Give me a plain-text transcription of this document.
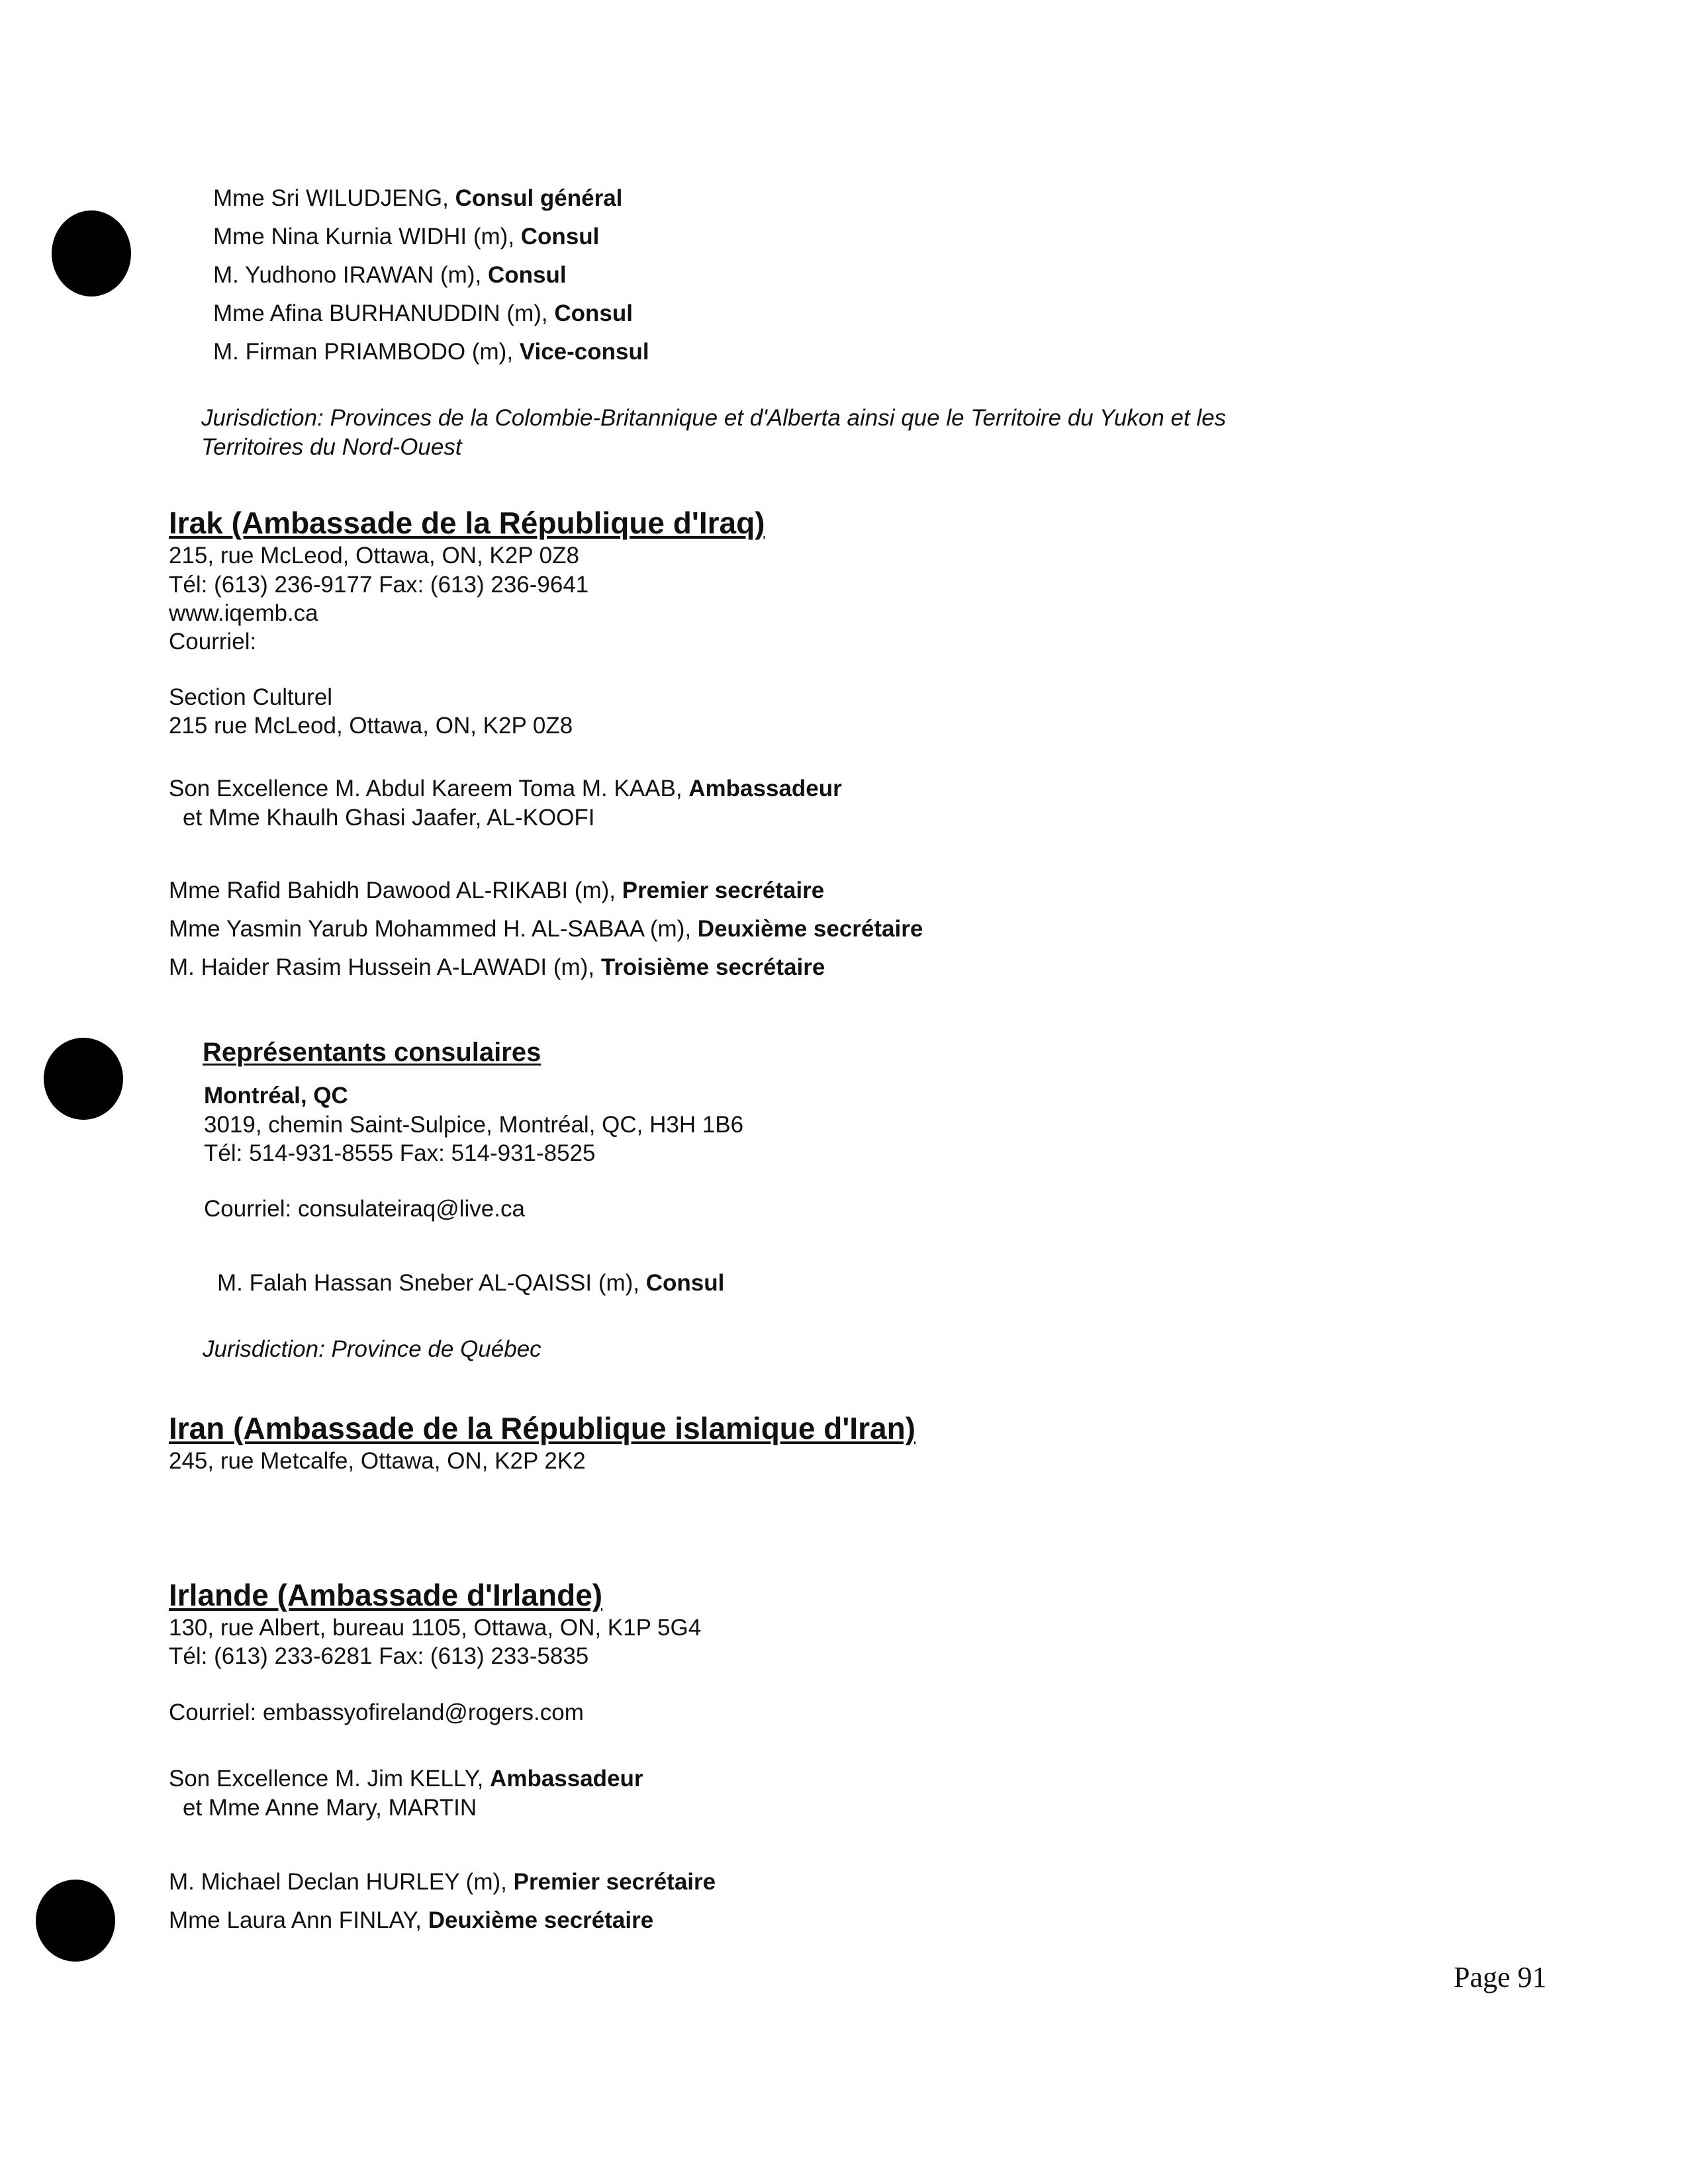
Mme Sri WILUDJENG, Consul général
Mme Nina Kurnia WIDHI (m), Consul
M. Yudhono IRAWAN (m), Consul
Mme Afina BURHANUDDIN (m), Consul
M. Firman PRIAMBODO (m), Vice-consul
Jurisdiction: Provinces de la Colombie-Britannique et d'Alberta ainsi que le Territoire du Yukon et les
Territoires du Nord-Ouest
Irak (Ambassade de la République d'Iraq)
215, rue McLeod, Ottawa, ON, K2P 0Z8
Tél: (613) 236-9177 Fax: (613) 236-9641
www.iqemb.ca
Courriel:
Section Culturel
215 rue McLeod, Ottawa, ON, K2P 0Z8
Son Excellence M. Abdul Kareem Toma M. KAAB, Ambassadeur
et Mme Khaulh Ghasi Jaafer, AL-KOOFI
Mme Rafid Bahidh Dawood AL-RIKABI (m), Premier secrétaire
Mme Yasmin Yarub Mohammed H. AL-SABAA (m), Deuxième secrétaire
M. Haider Rasim Hussein A-LAWADI (m), Troisième secrétaire
Représentants consulaires
Montréal, QC
3019, chemin Saint-Sulpice, Montréal, QC, H3H 1B6
Tél: 514-931-8555 Fax: 514-931-8525
Courriel: consulateiraq@live.ca
M. Falah Hassan Sneber AL-QAISSI (m), Consul
Jurisdiction: Province de Québec
Iran (Ambassade de la République islamique d'Iran)
245, rue Metcalfe, Ottawa, ON, K2P 2K2
Irlande (Ambassade d'Irlande)
130, rue Albert, bureau 1105, Ottawa, ON, K1P 5G4
Tél: (613) 233-6281 Fax: (613) 233-5835
Courriel: embassyofireland@rogers.com
Son Excellence M. Jim KELLY, Ambassadeur
et Mme Anne Mary, MARTIN
M. Michael Declan HURLEY (m), Premier secrétaire
Mme Laura Ann FINLAY, Deuxième secrétaire
Page 91
